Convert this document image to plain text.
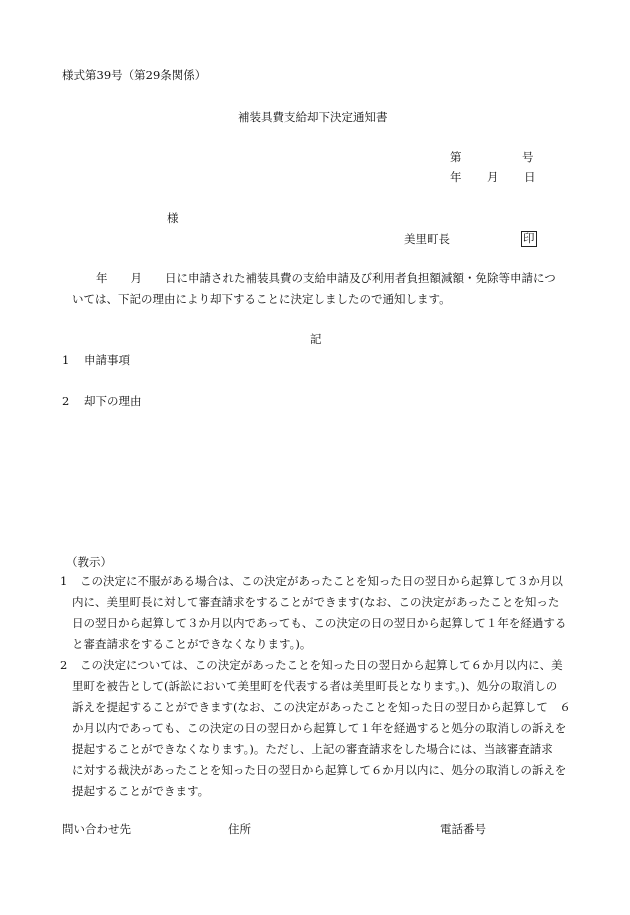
様式第39号（第29条関係）
補装具費支給却下決定通知書
第	号
年 月 日
様
美里町長	印
年　　月　　日に申請された補装具費の支給申請及び利用者負担額減額・免除等申請につ
いては、下記の理由により却下することに決定しましたので通知します。
記
1 申請事項
2 却下の理由
（教示）
1 この決定に不服がある場合は、この決定があったことを知った日の翌日から起算して３か月以
内に、美里町長に対して審査請求をすることができます(なお、この決定があったことを知った
日の翌日から起算して３か月以内であっても、この決定の日の翌日から起算して１年を経過する
と審査請求をすることができなくなります。)。
2 この決定については、この決定があったことを知った日の翌日から起算して６か月以内に、美
里町を被告として(訴訟において美里町を代表する者は美里町長となります。)、処分の取消しの
訴えを提起することができます(なお、この決定があったことを知った日の翌日から起算して　６
か月以内であっても、この決定の日の翌日から起算して１年を経過すると処分の取消しの訴えを
提起することができなくなります。)。ただし、上記の審査請求をした場合には、当該審査請求
に対する裁決があったことを知った日の翌日から起算して６か月以内に、処分の取消しの訴えを
提起することができます。
問い合わせ先	住所	電話番号
